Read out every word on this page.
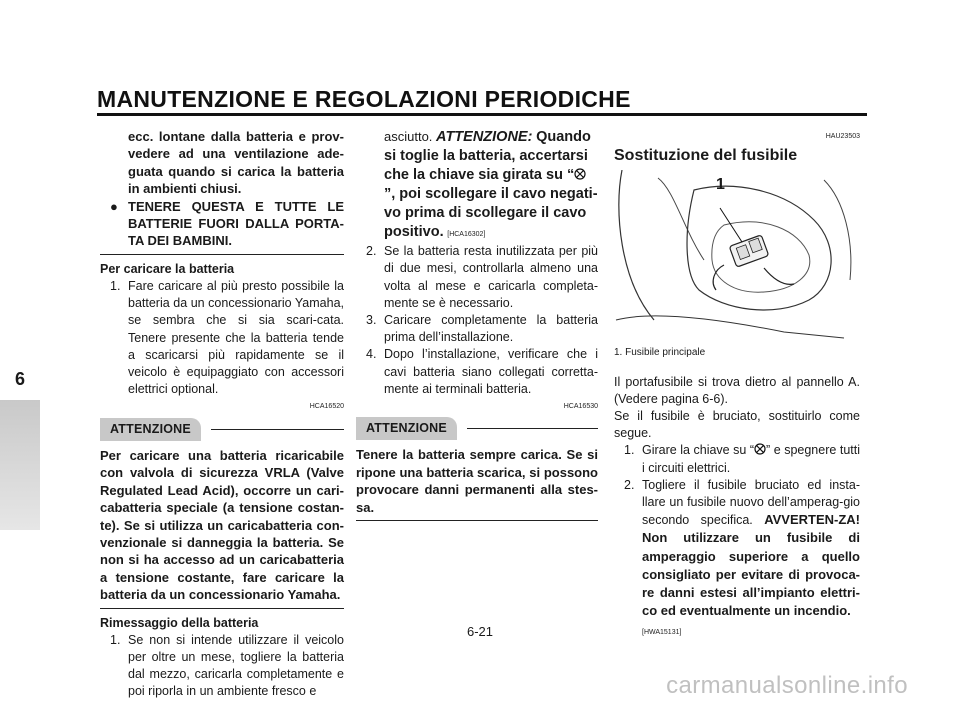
MANUTENZIONE E REGOLAZIONI PERIODICHE
6

ecc. lontane dalla batteria e prov-vedere ad una ventilazione ade-guata quando si carica la batteria in ambienti chiusi.

● TENERE QUESTA E TUTTE LE BATTERIE FUORI DALLA PORTA-TA DEI BAMBINI.

Per caricare la batteria

1. Fare caricare al più presto possibile la batteria da un concessionario Yamaha, se sembra che si sia scari-cata. Tenere presente che la batteria tende a scaricarsi più rapidamente se il veicolo è equipaggiato con accessori elettrici optional.
HCA16520
ATTENZIONE

Per caricare una batteria ricaricabile con valvola di sicurezza VRLA (Valve Regulated Lead Acid), occorre un cari-cabatteria speciale (a tensione costan-te). Se si utilizza un caricabatteria con-venzionale si danneggia la batteria. Se non si ha accesso ad un caricabatteria a tensione costante, fare caricare la batteria da un concessionario Yamaha.

Rimessaggio della batteria

1. Se non si intende utilizzare il veicolo per oltre un mese, togliere la batteria dal mezzo, caricarla completamente e poi riporla in un ambiente fresco e
asciutto. ATTENZIONE: Quando si toglie la batteria, accertarsi che la chiave sia girata su “ ”, poi scollegare il cavo negati-vo prima di scollegare il cavo positivo. [HCA16302]
2. Se la batteria resta inutilizzata per più di due mesi, controllarla almeno una volta al mese e caricarla completa-mente se è necessario.
3. Caricare completamente la batteria prima dell’installazione.
4. Dopo l’installazione, verificare che i cavi batteria siano collegati corretta-mente ai terminali batteria.
HCA16530
ATTENZIONE

Tenere la batteria sempre carica. Se si ripone una batteria scarica, si possono provocare danni permanenti alla stes-sa.

HAU23503
Sostituzione del fusibile
1
1. Fusibile principale

Il portafusibile si trova dietro al pannello A. (Vedere pagina 6-6).

Se il fusibile è bruciato, sostituirlo come segue.

1. Girare la chiave su “ ” e spegnere tutti i circuiti elettrici.
2. Togliere il fusibile bruciato ed insta-llare un fusibile nuovo dell’amperag-gio secondo specifica. AVVERTEN-ZA! Non utilizzare un fusibile di amperaggio superiore a quello consigliato per evitare di provoca-re danni estesi all’impianto elettri-co ed eventualmente un incendio.
[HWA15131]
6-21
carmanualsonline.info
